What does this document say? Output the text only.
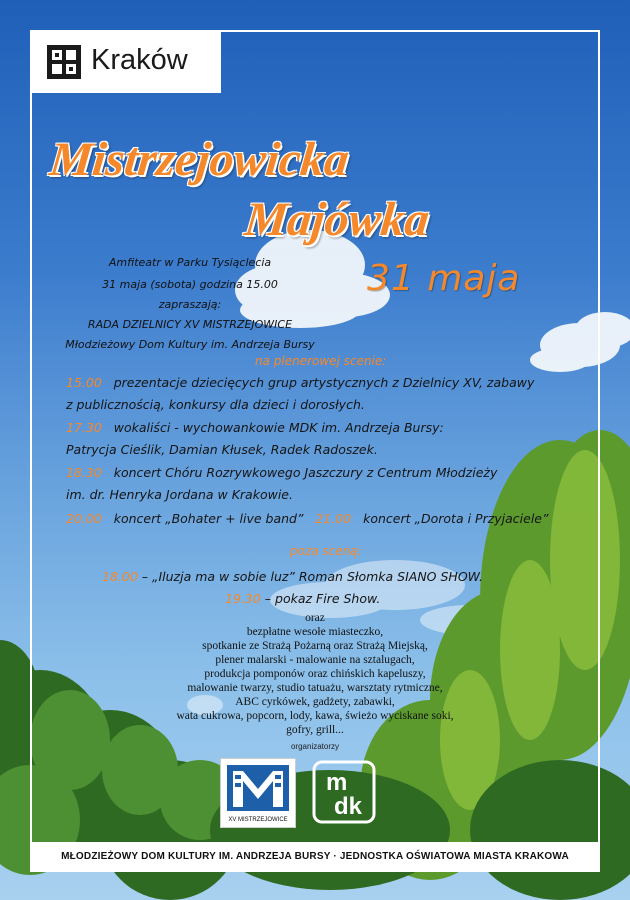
Kraków
Mistrzejowicka
Majówka
31 maja
Amfiteatr w Parku Tysiąclecia
31 maja (sobota) godzina 15.00
zapraszają:
RADA DZIELNICY XV MISTRZEJOWICE
Młodzieżowy Dom Kultury im. Andrzeja Bursy
na plenerowej scenie:
15.00 prezentacje dziecięcych grup artystycznych z Dzielnicy XV, zabawy
z publicznością, konkursy dla dzieci i dorosłych.
17.30 wokaliści - wychowankowie MDK im. Andrzeja Bursy:
Patrycja Cieślik, Damian Kłusek, Radek Radoszek.
18.30 koncert Chóru Rozrywkowego Jaszczury z Centrum Młodzieży
im. dr. Henryka Jordana w Krakowie.
20.00 koncert „Bohater + live band” 21.00 koncert „Dorota i Przyjaciele”
poza sceną:
18.00 – „Iluzja ma w sobie luz” Roman Słomka SIANO SHOW.
19.30 – pokaz Fire Show.
oraz
bezpłatne wesołe miasteczko,
spotkanie ze Strażą Pożarną oraz Strażą Miejską,
plener malarski - malowanie na sztalugach,
produkcja pomponów oraz chińskich kapeluszy,
malowanie twarzy, studio tatuażu, warsztaty rytmiczne,
ABC cyrkówek, gadżety, zabawki,
wata cukrowa, popcorn, lody, kawa, świeżo wyciskane soki,
gofry, grill...
organizatorzy
XV MISTRZEJOWICE
m
dk
MŁODZIEŻOWY DOM KULTURY IM. ANDRZEJA BURSY · JEDNOSTKA OŚWIATOWA MIASTA KRAKOWA
